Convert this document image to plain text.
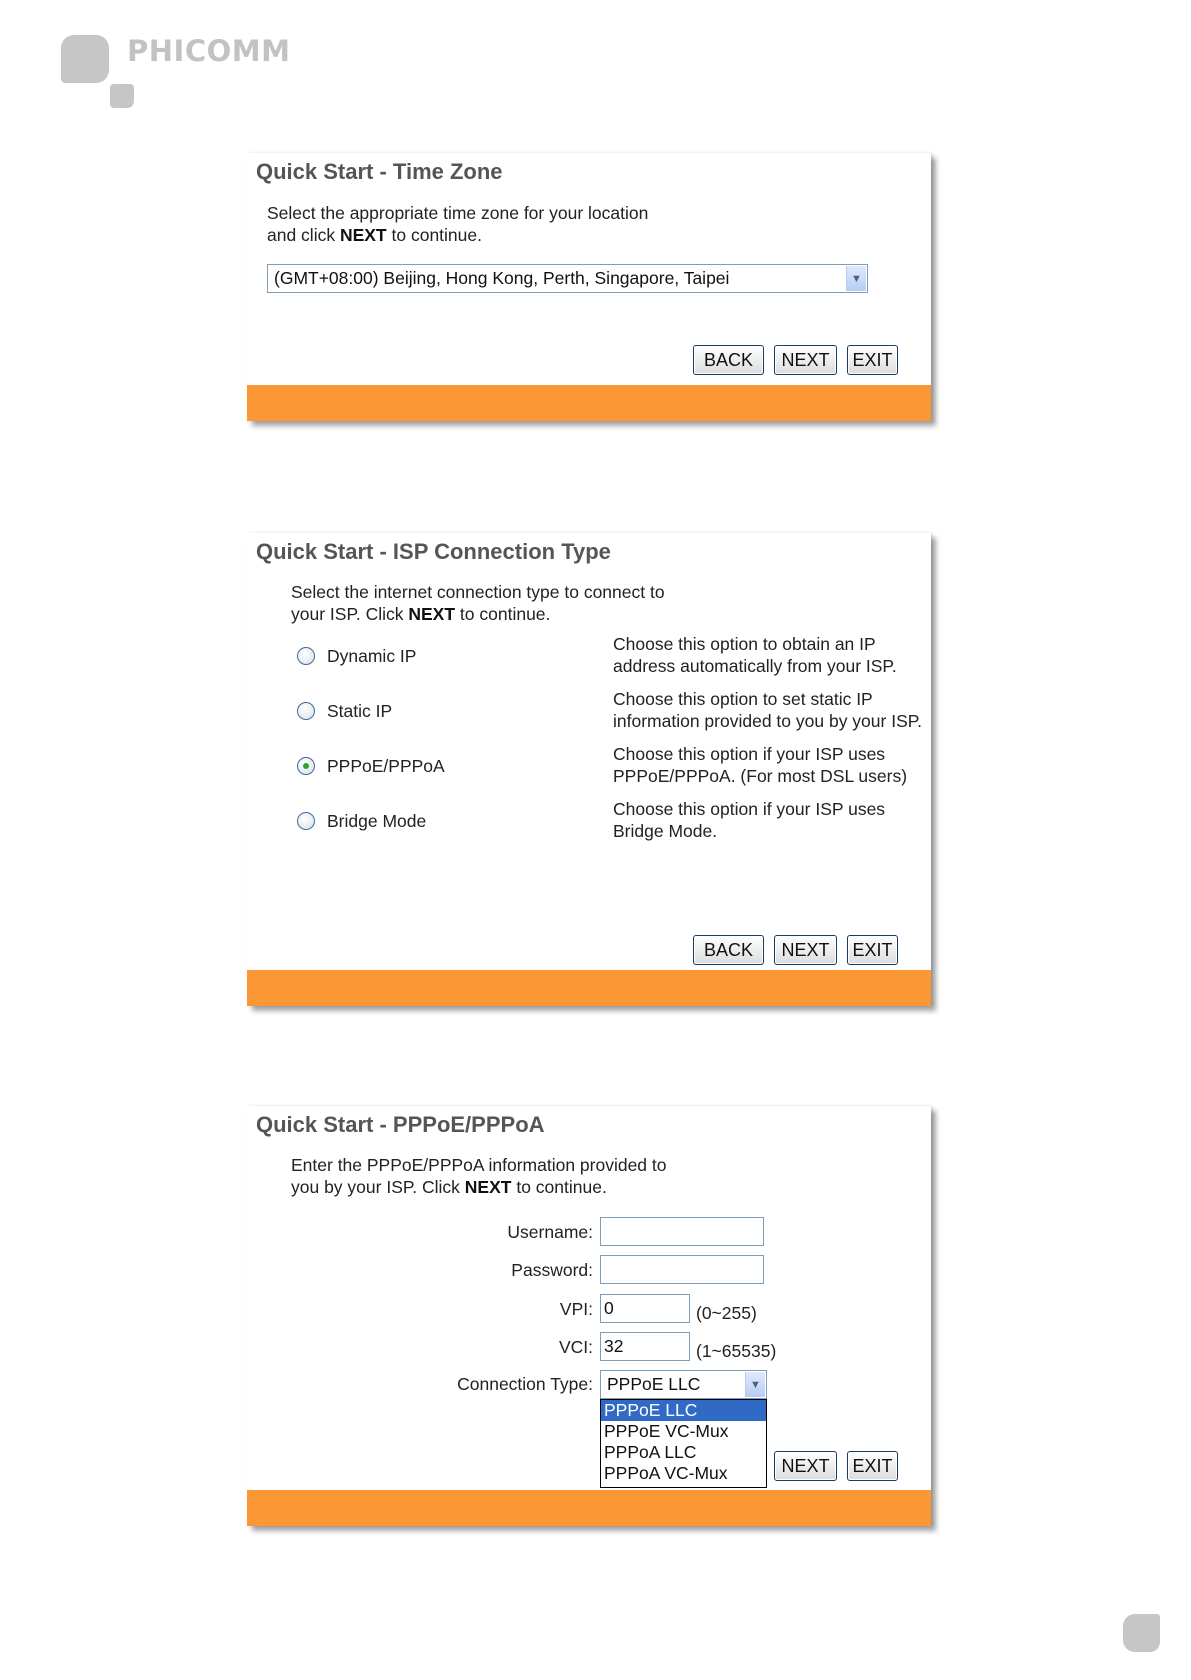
PHICOMM
Quick Start - Time Zone
Select the appropriate time zone for your location
and click NEXT to continue.
(GMT+08:00) Beijing, Hong Kong, Perth, Singapore, Taipei	▼
BACK	NEXT	EXIT
Quick Start - ISP Connection Type
Select the internet connection type to connect to
your ISP. Click NEXT to continue.
Dynamic IP
Choose this option to obtain an IP
address automatically from your ISP.
Static IP
Choose this option to set static IP
information provided to you by your ISP.
PPPoE/PPPoA
Choose this option if your ISP uses
PPPoE/PPPoA. (For most DSL users)
Bridge Mode
Choose this option if your ISP uses
Bridge Mode.
BACK	NEXT	EXIT
Quick Start - PPPoE/PPPoA
Enter the PPPoE/PPPoA information provided to
you by your ISP. Click NEXT to continue.
Username:
Password:
VPI:
0	(0~255)
VCI:
32	(1~65535)
Connection Type: PPPoE LLC	▼
PPPoE LLC
PPPoE VC-Mux
PPPoA LLC
PPPoA VC-Mux	NEXT	EXIT
